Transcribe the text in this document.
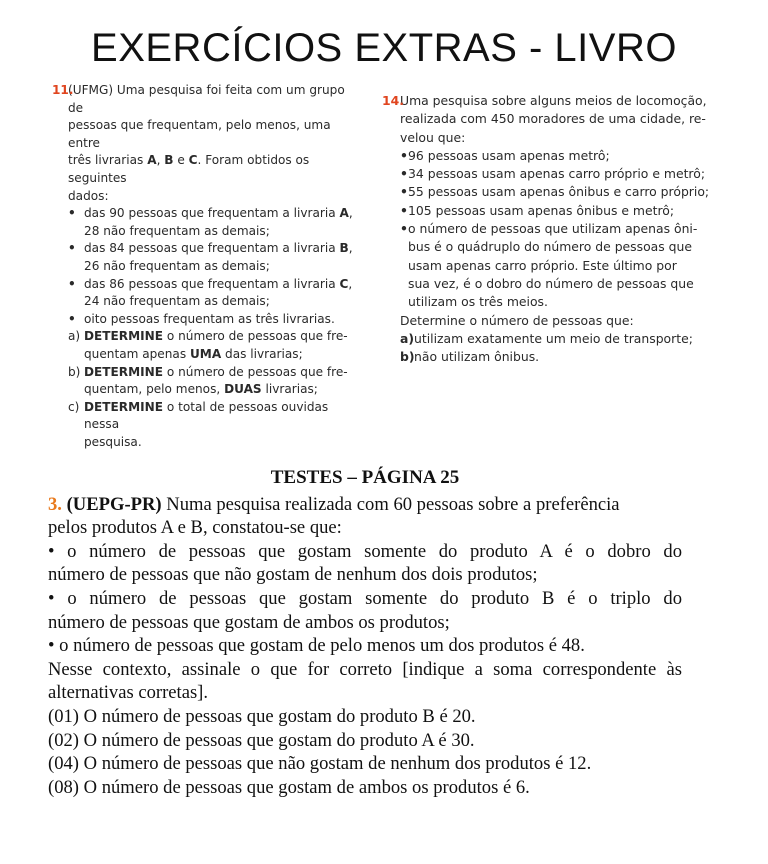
EXERCÍCIOS EXTRAS - LIVRO
11.
(UFMG) Uma pesquisa foi feita com um grupo de
pessoas que frequentam, pelo menos, uma entre
três livrarias A, B e C. Foram obtidos os seguintes
dados:
• das 90 pessoas que frequentam a livraria A,
28 não frequentam as demais;
• das 84 pessoas que frequentam a livraria B,
26 não frequentam as demais;
• das 86 pessoas que frequentam a livraria C,
24 não frequentam as demais;
• oito pessoas frequentam as três livrarias.
a) DETERMINE o número de pessoas que fre-
quentam apenas UMA das livrarias;
b) DETERMINE o número de pessoas que fre-
quentam, pelo menos, DUAS livrarias;
c) DETERMINE o total de pessoas ouvidas nessa
pesquisa.
14.
Uma pesquisa sobre alguns meios de locomoção,
realizada com 450 moradores de uma cidade, re-
velou que:
• 96 pessoas usam apenas metrô;
• 34 pessoas usam apenas carro próprio e metrô;
• 55 pessoas usam apenas ônibus e carro próprio;
• 105 pessoas usam apenas ônibus e metrô;
• o número de pessoas que utilizam apenas ôni-
bus é o quádruplo do número de pessoas que
usam apenas carro próprio. Este último por
sua vez, é o dobro do número de pessoas que
utilizam os três meios.
Determine o número de pessoas que:
a) utilizam exatamente um meio de transporte;
b) não utilizam ônibus.

TESTES – PÁGINA 25

3. (UEPG-PR) Numa pesquisa realizada com 60 pessoas sobre a preferência

pelos produtos A e B, constatou-se que:

• o número de pessoas que gostam somente do produto A é o dobro do

número de pessoas que não gostam de nenhum dos dois produtos;

• o número de pessoas que gostam somente do produto B é o triplo do

número de pessoas que gostam de ambos os produtos;

• o número de pessoas que gostam de pelo menos um dos produtos é 48.

Nesse contexto, assinale o que for correto [indique a soma correspondente às

alternativas corretas].

(01) O número de pessoas que gostam do produto B é 20.

(02) O número de pessoas que gostam do produto A é 30.

(04) O número de pessoas que não gostam de nenhum dos produtos é 12.

(08) O número de pessoas que gostam de ambos os produtos é 6.
